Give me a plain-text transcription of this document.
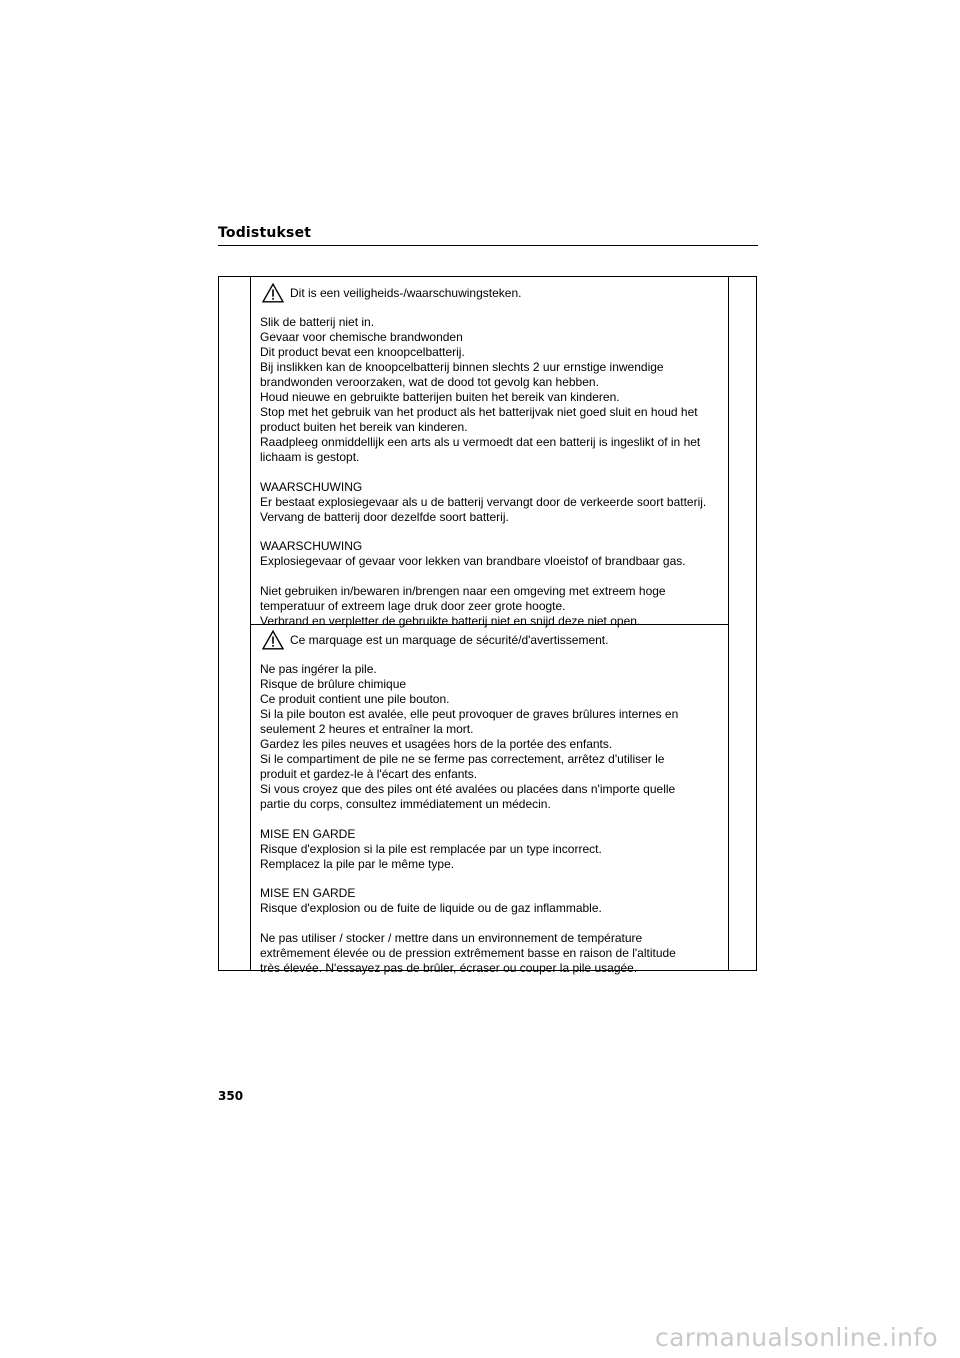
Todistukset
Dit is een veiligheids-/waarschuwingsteken.
Slik de batterij niet in.
Gevaar voor chemische brandwonden
Dit product bevat een knoopcelbatterij.
Bij inslikken kan de knoopcelbatterij binnen slechts 2 uur ernstige inwendige
brandwonden veroorzaken, wat de dood tot gevolg kan hebben.
Houd nieuwe en gebruikte batterijen buiten het bereik van kinderen.
Stop met het gebruik van het product als het batterijvak niet goed sluit en houd het
product buiten het bereik van kinderen.
Raadpleeg onmiddellijk een arts als u vermoedt dat een batterij is ingeslikt of in het
lichaam is gestopt.
WAARSCHUWING
Er bestaat explosiegevaar als u de batterij vervangt door de verkeerde soort batterij.
Vervang de batterij door dezelfde soort batterij.
WAARSCHUWING
Explosiegevaar of gevaar voor lekken van brandbare vloeistof of brandbaar gas.
Niet gebruiken in/bewaren in/brengen naar een omgeving met extreem hoge
temperatuur of extreem lage druk door zeer grote hoogte.
Verbrand en verpletter de gebruikte batterij niet en snijd deze niet open.
Ce marquage est un marquage de sécurité/d'avertissement.
Ne pas ingérer la pile.
Risque de brûlure chimique
Ce produit contient une pile bouton.
Si la pile bouton est avalée, elle peut provoquer de graves brûlures internes en
seulement 2 heures et entraîner la mort.
Gardez les piles neuves et usagées hors de la portée des enfants.
Si le compartiment de pile ne se ferme pas correctement, arrêtez d'utiliser le
produit et gardez-le à l'écart des enfants.
Si vous croyez que des piles ont été avalées ou placées dans n'importe quelle
partie du corps, consultez immédiatement un médecin.
MISE EN GARDE
Risque d'explosion si la pile est remplacée par un type incorrect.
Remplacez la pile par le même type.
MISE EN GARDE
Risque d'explosion ou de fuite de liquide ou de gaz inflammable.
Ne pas utiliser / stocker / mettre dans un environnement de température
extrêmement élevée ou de pression extrêmement basse en raison de l'altitude
très élevée. N'essayez pas de brûler, écraser ou couper la pile usagée.
350
carmanualsonline.info
